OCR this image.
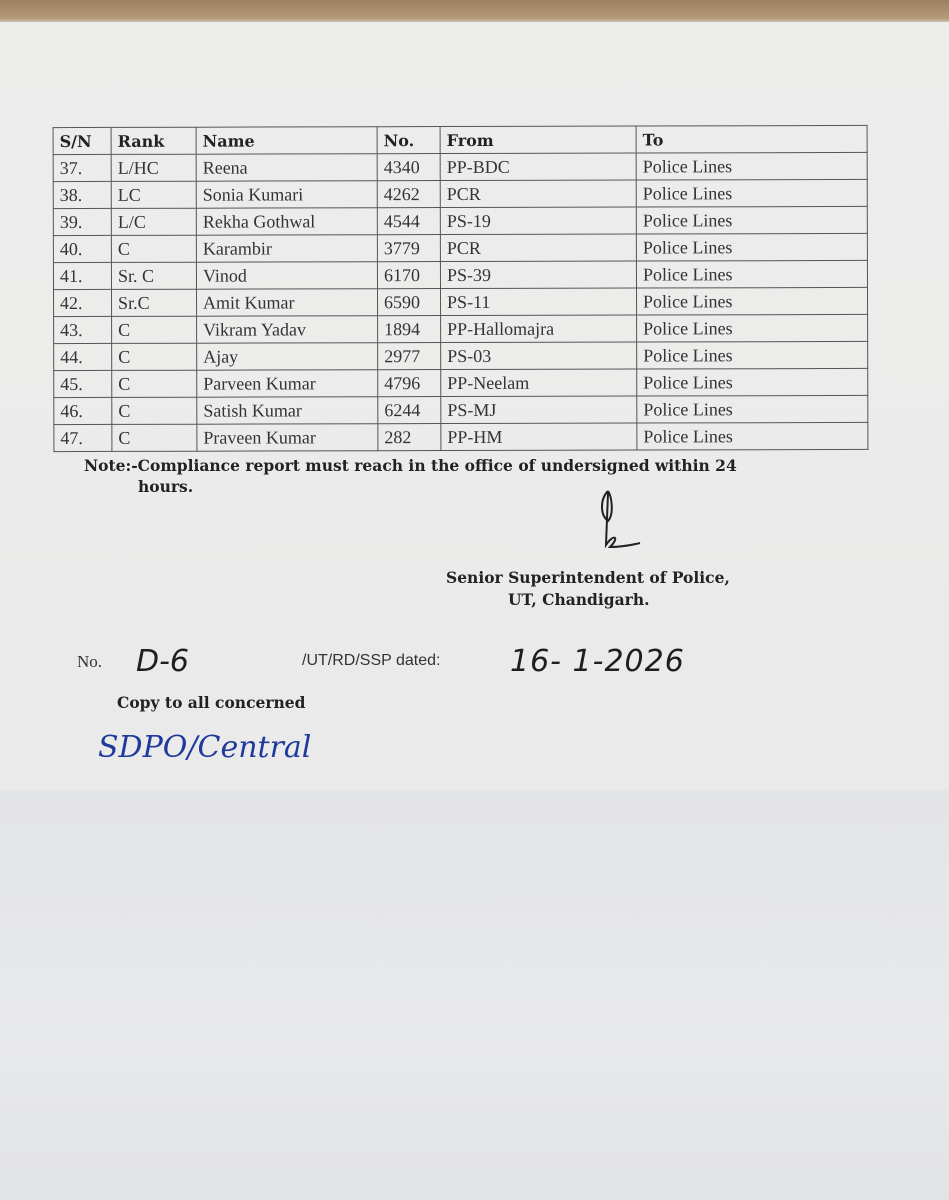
S/N	Rank	Name	No.	From	To
37.	L/HC	Reena	4340	PP-BDC	Police Lines
38.	LC	Sonia Kumari	4262	PCR	Police Lines
39.	L/C	Rekha Gothwal	4544	PS-19	Police Lines
40.	C	Karambir	3779	PCR	Police Lines
41.	Sr. C	Vinod	6170	PS-39	Police Lines
42.	Sr.C	Amit Kumar	6590	PS-11	Police Lines
43.	C	Vikram Yadav	1894	PP-Hallomajra	Police Lines
44.	C	Ajay	2977	PS-03	Police Lines
45.	C	Parveen Kumar	4796	PP-Neelam	Police Lines
46.	C	Satish Kumar	6244	PS-MJ	Police Lines
47.	C	Praveen Kumar	282	PP-HM	Police Lines
Note:-Compliance report must reach in the office of undersigned within 24
hours.
Senior Superintendent of Police,
UT, Chandigarh.
No. D-6	/UT/RD/SSP dated: 16- 1-2026
Copy to all concerned
SDPO/Central
